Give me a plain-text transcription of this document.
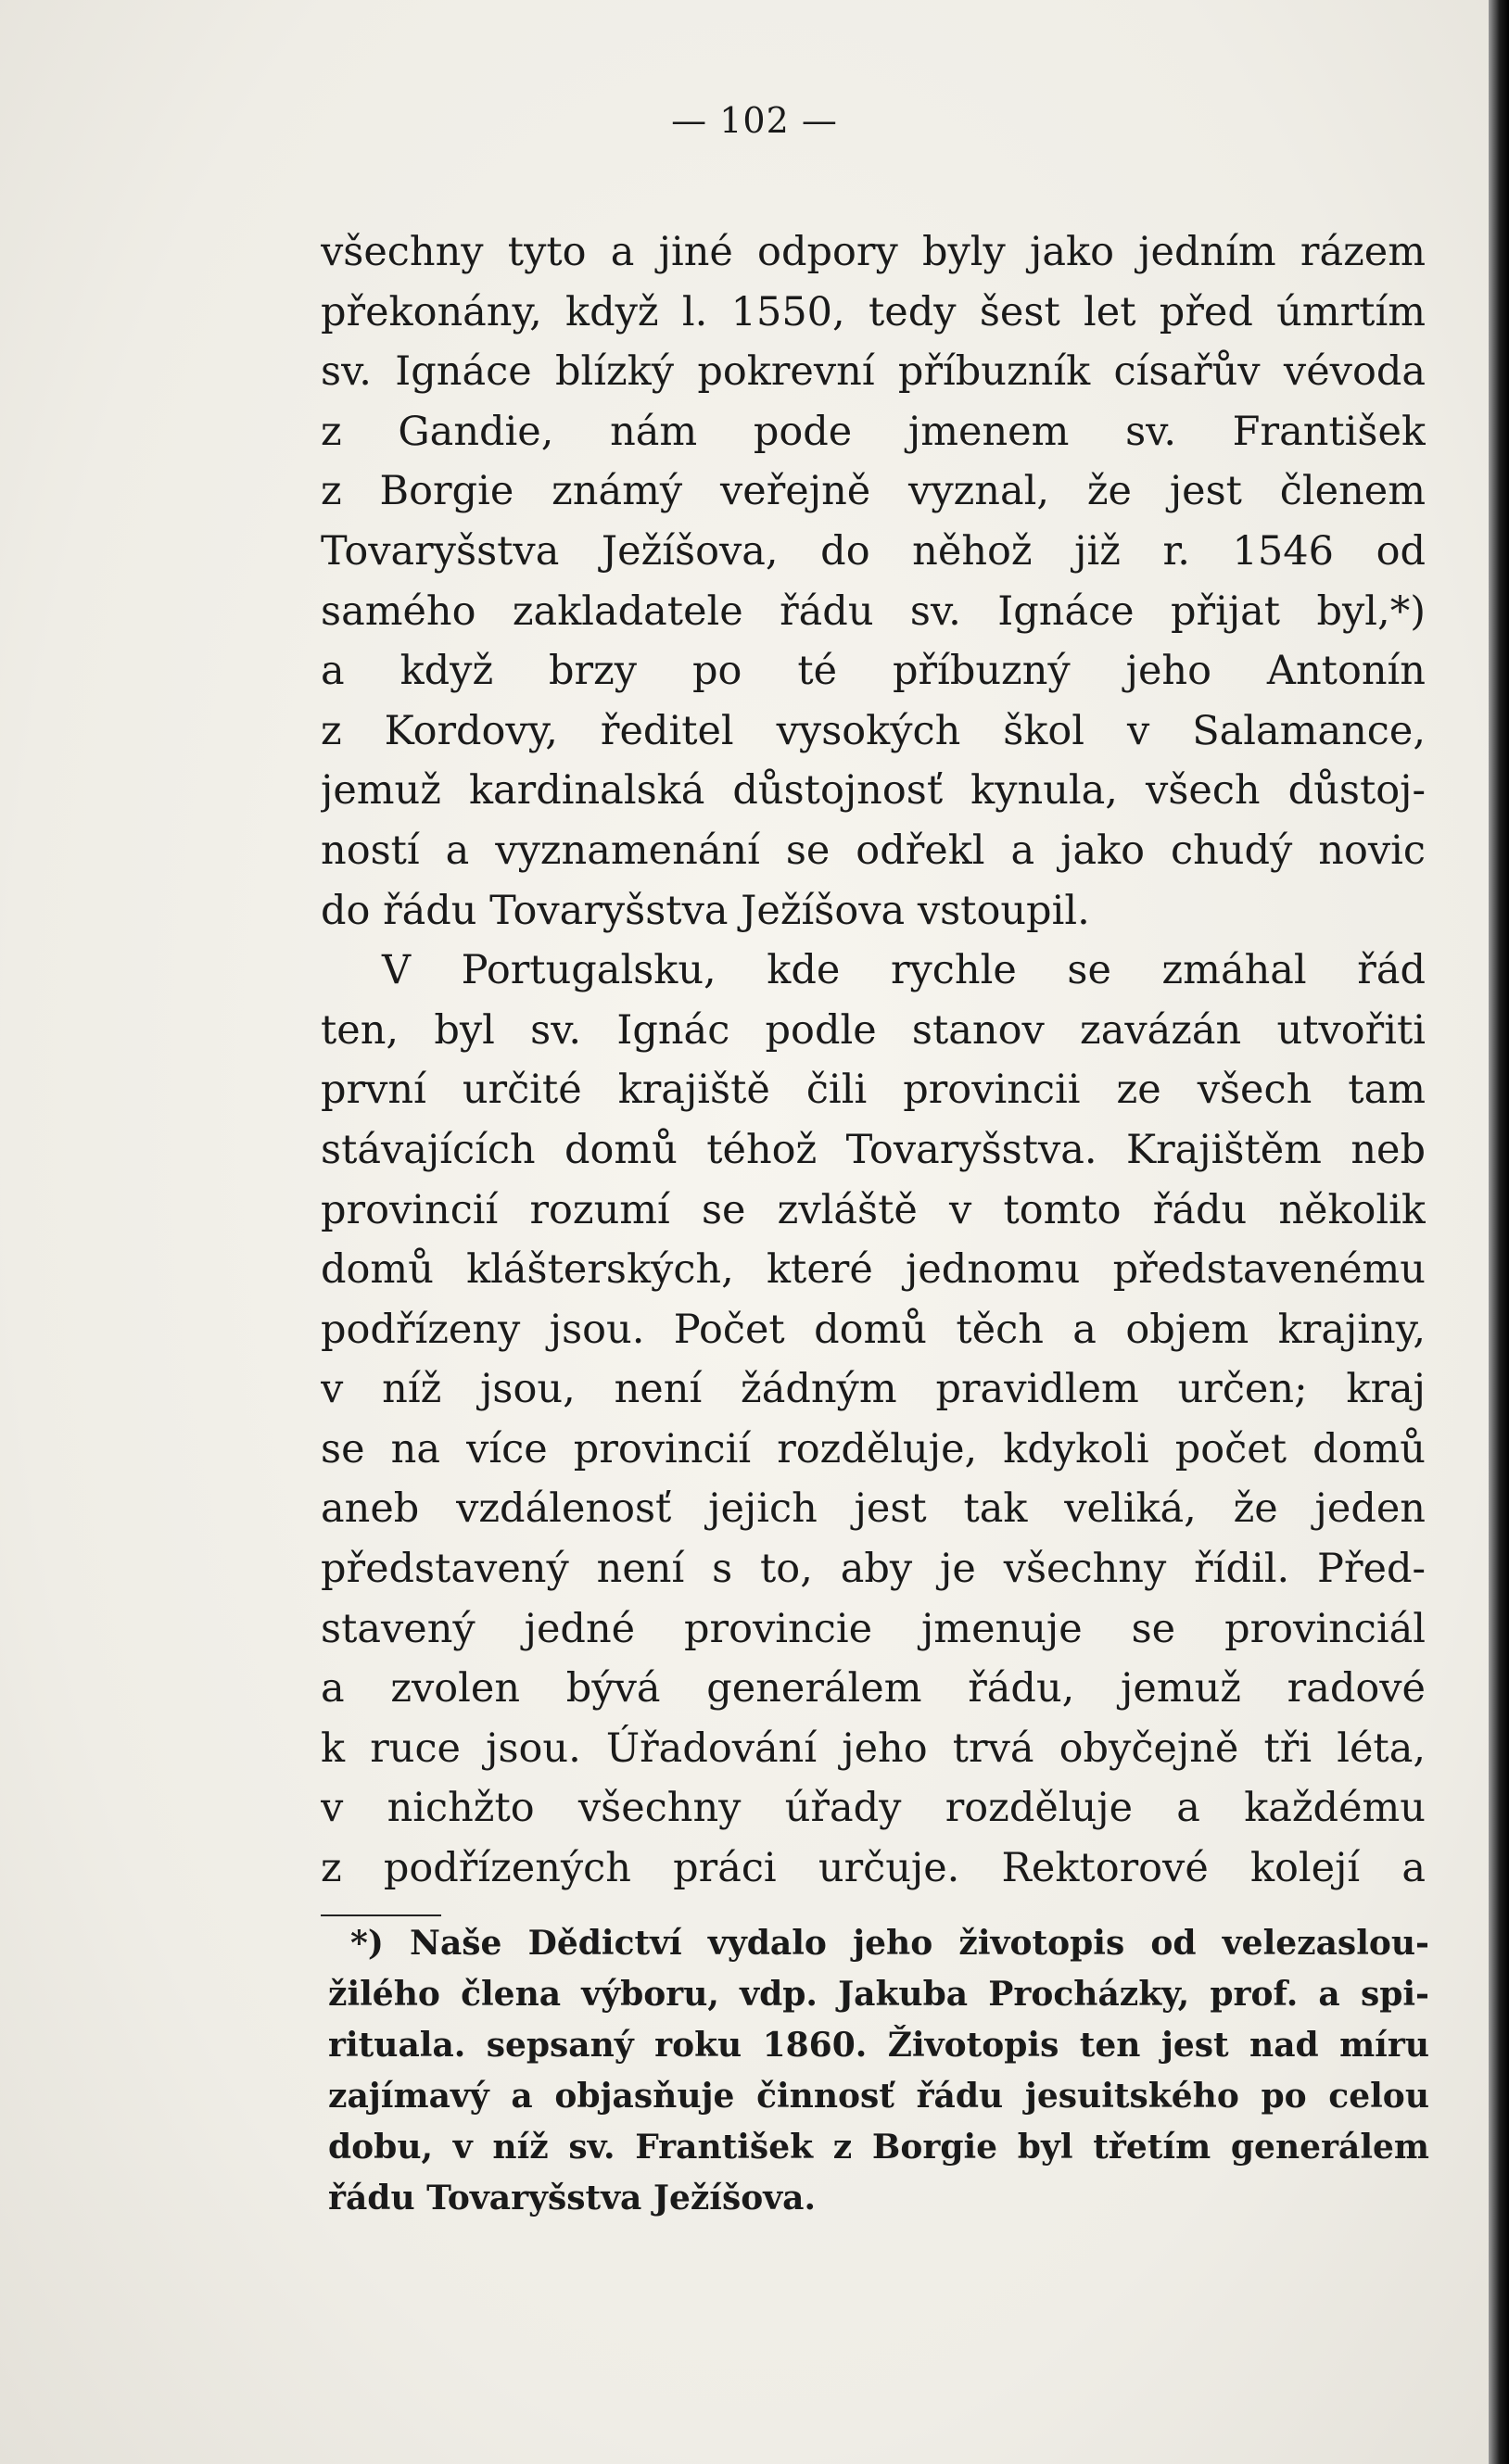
— 102 —
všechny tyto a jiné odpory byly jako jedním rázem
překonány, když l. 1550, tedy šest let před úmrtím
sv. Ignáce blízký pokrevní příbuzník císařův vévoda
z Gandie, nám pode jmenem sv. František
z Borgie známý veřejně vyznal, že jest členem
Tovaryšstva Ježíšova, do něhož již r. 1546 od
samého zakladatele řádu sv. Ignáce přijat byl,*)
a když brzy po té příbuzný jeho Antonín
z Kordovy, ředitel vysokých škol v Salamance,
jemuž kardinalská důstojnosť kynula, všech důstoj-
ností a vyznamenání se odřekl a jako chudý novic
do řádu Tovaryšstva Ježíšova vstoupil.
V Portugalsku, kde rychle se zmáhal řád
ten, byl sv. Ignác podle stanov zavázán utvořiti
první určité krajiště čili provincii ze všech tam
stávajících domů téhož Tovaryšstva. Krajištěm neb
provincií rozumí se zvláště v tomto řádu několik
domů klášterských, které jednomu představenému
podřízeny jsou. Počet domů těch a objem krajiny,
v níž jsou, není žádným pravidlem určen; kraj
se na více provincií rozděluje, kdykoli počet domů
aneb vzdálenosť jejich jest tak veliká, že jeden
představený není s to, aby je všechny řídil. Před-
stavený jedné provincie jmenuje se provinciál
a zvolen bývá generálem řádu, jemuž radové
k ruce jsou. Úřadování jeho trvá obyčejně tři léta,
v nichžto všechny úřady rozděluje a každému
z podřízených práci určuje. Rektorové kolejí a
*) Naše Dědictví vydalo jeho životopis od velezaslou-
žilého člena výboru, vdp. Jakuba Procházky, prof. a spi-
rituala. sepsaný roku 1860. Životopis ten jest nad míru
zajímavý a objasňuje činnosť řádu jesuitského po celou
dobu, v níž sv. František z Borgie byl třetím generálem
řádu Tovaryšstva Ježíšova.
